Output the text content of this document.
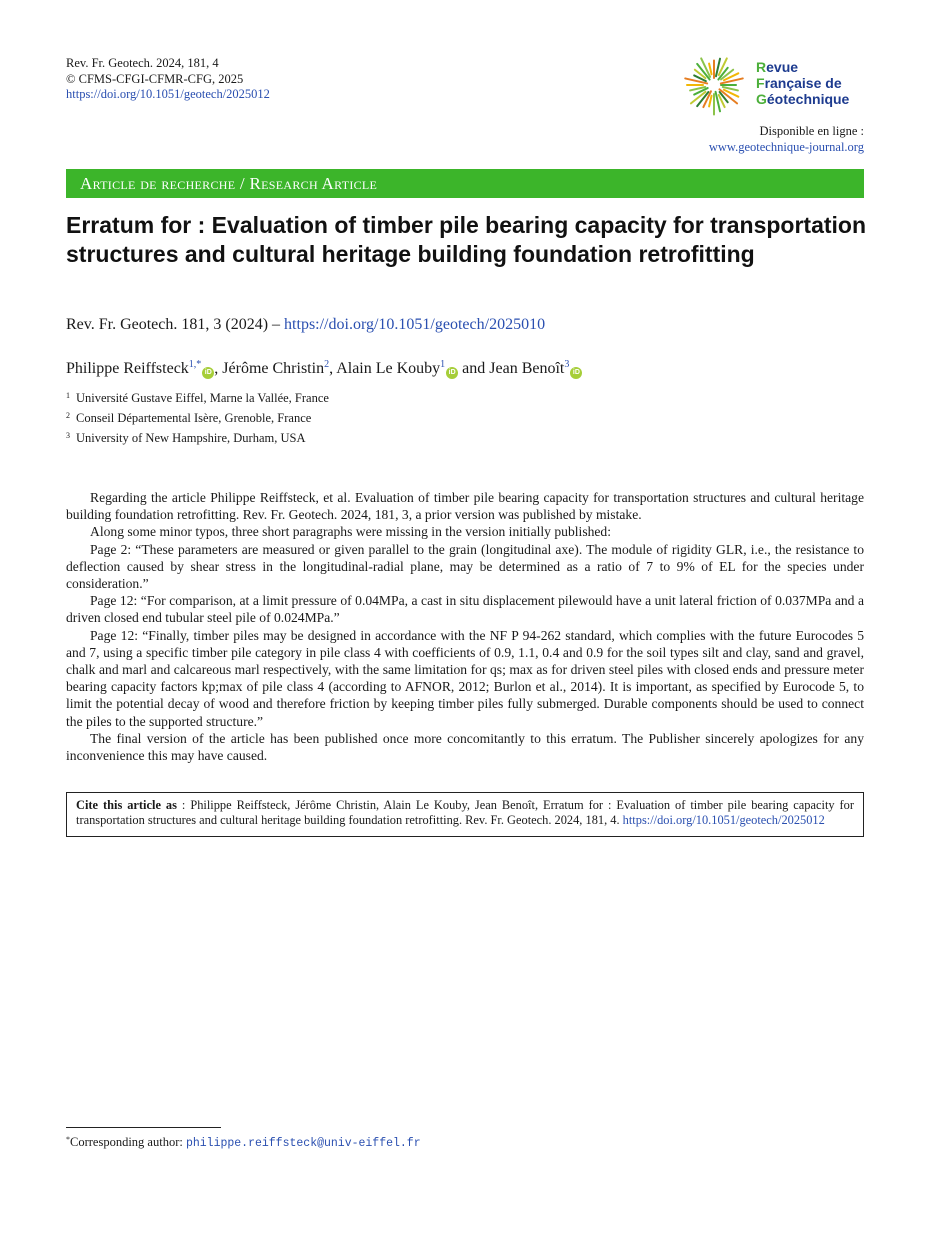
Rev. Fr. Geotech. 2024, 181, 4
© CFMS-CFGI-CFMR-CFG, 2025
https://doi.org/10.1051/geotech/2025012
Revue
Française de
Géotechnique
Disponible en ligne :
www.geotechnique-journal.org
Article de recherche / Research Article
Erratum for : Evaluation of timber pile bearing capacity for transportation structures and cultural heritage building foundation retrofitting
Rev. Fr. Geotech. 181, 3 (2024) – https://doi.org/10.1051/geotech/2025010
Philippe Reiffsteck$^{1,*}$iD , Jérôme Christin$^2$, Alain Le Kouby$^1$iD and Jean Benoît$^3$iD
$^1$ Université Gustave Eiffel, Marne la Vallée, France
$^2$ Conseil Départemental Isère, Grenoble, France
$^3$ University of New Hampshire, Durham, USA

Regarding the article Philippe Reiffsteck, et al. Evaluation of timber pile bearing capacity for transportation structures and cultural heritage building foundation retrofitting. Rev. Fr. Geotech. 2024, 181, 3, a prior version was published by mistake.

Along some minor typos, three short paragraphs were missing in the version initially published:

Page 2: “These parameters are measured or given parallel to the grain (longitudinal axe). The module of rigidity GLR, i.e., the resistance to deflection caused by shear stress in the longitudinal-radial plane, may be determined as a ratio of 7 to 9% of EL for the species under consideration.”

Page 12: “For comparison, at a limit pressure of 0.04MPa, a cast in situ displacement pilewould have a unit lateral friction of 0.037MPa and a driven closed end tubular steel pile of 0.024MPa.”

Page 12: “Finally, timber piles may be designed in accordance with the NF P 94-262 standard, which complies with the future Eurocodes 5 and 7, using a specific timber pile category in pile class 4 with coefficients of 0.9, 1.1, 0.4 and 0.9 for the soil types silt and clay, sand and gravel, chalk and marl and calcareous marl respectively, with the same limitation for qs; max as for driven steel piles with closed ends and pressure meter bearing capacity factors kp;max of pile class 4 (according to AFNOR, 2012; Burlon et al., 2014). It is important, as specified by Eurocode 5, to limit the potential decay of wood and therefore friction by keeping timber piles fully submerged. Durable components should be used to connect the piles to the supported structure.”

The final version of the article has been published once more concomitantly to this erratum. The Publisher sincerely apologizes for any inconvenience this may have caused.

Cite this article as : Philippe Reiffsteck, Jérôme Christin, Alain Le Kouby, Jean Benoît, Erratum for : Evaluation of timber pile bearing capacity for transportation structures and cultural heritage building foundation retrofitting. Rev. Fr. Geotech. 2024, 181, 4. https://doi.org/10.1051/geotech/2025012
*Corresponding author: philippe.reiffsteck@univ-eiffel.fr
